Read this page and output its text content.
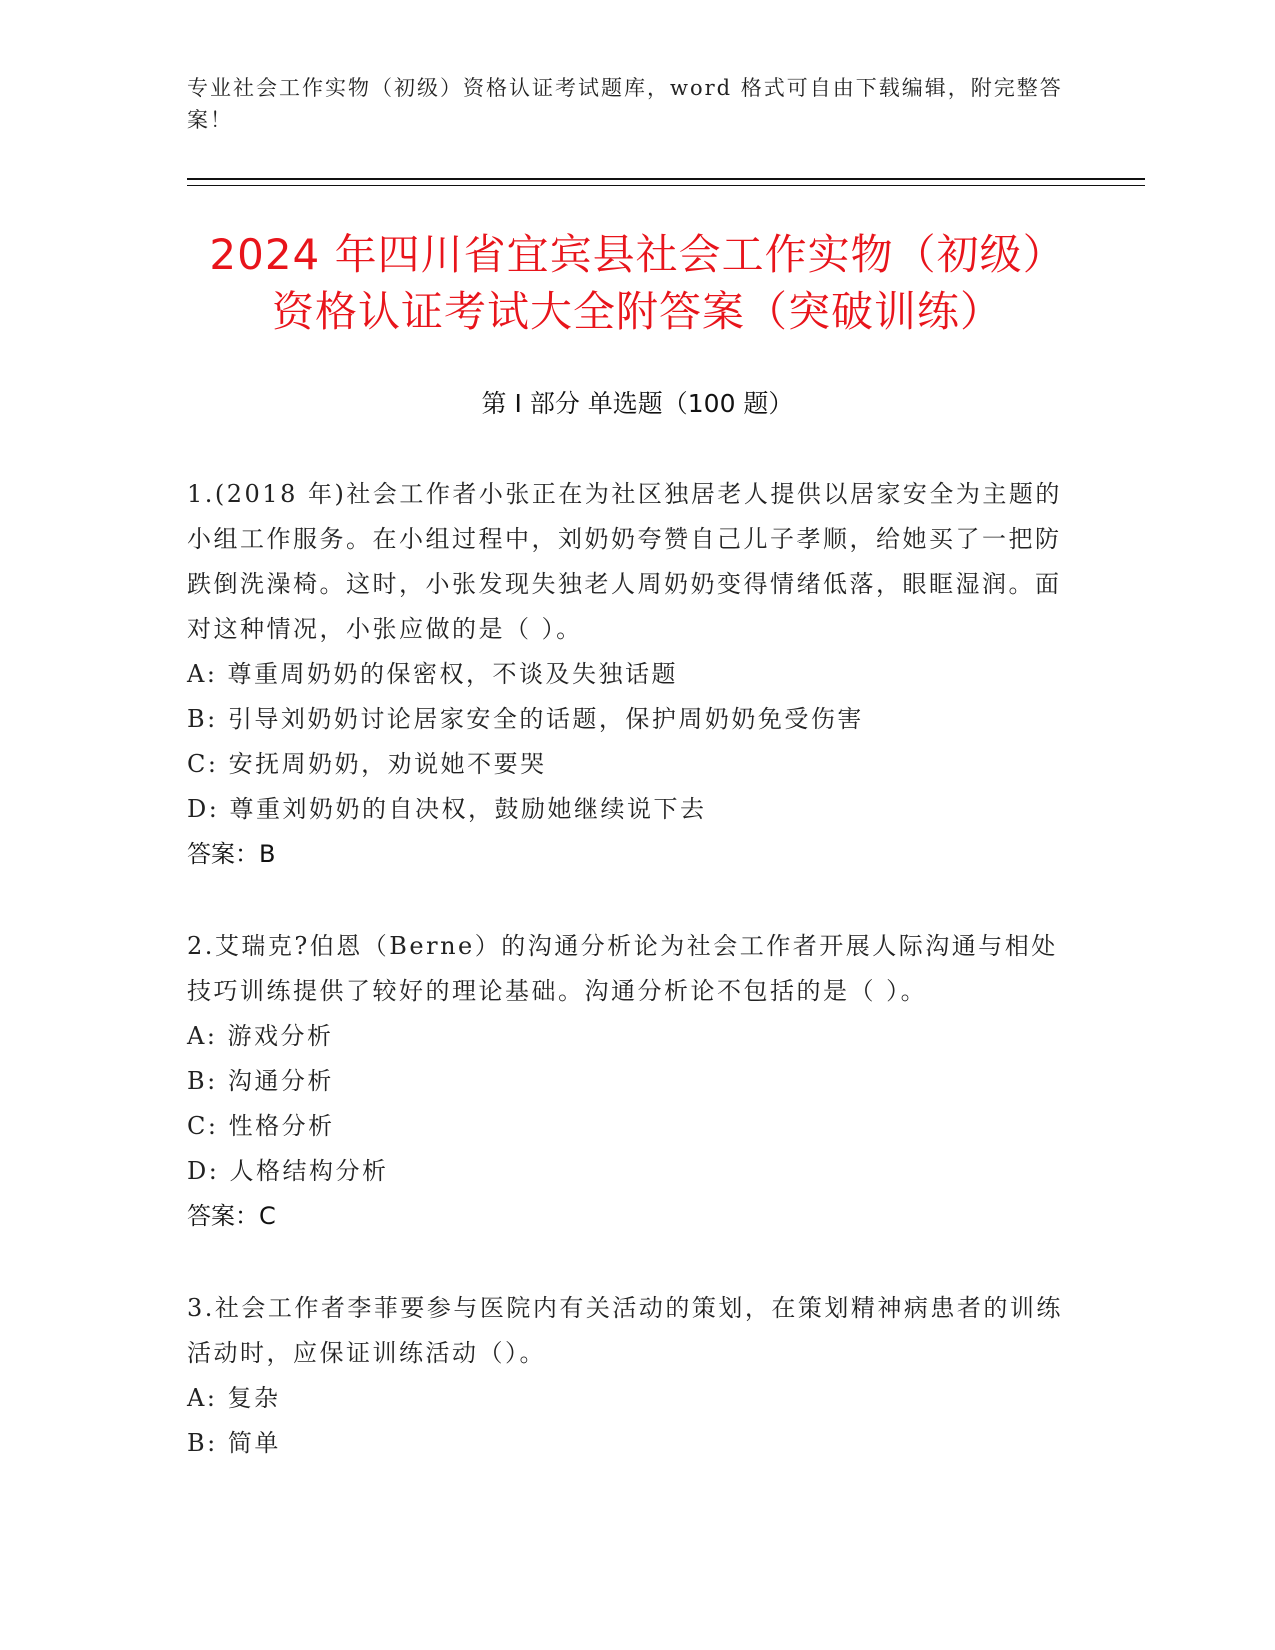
专业社会工作实物（初级）资格认证考试题库，word 格式可自由下载编辑，附完整答案！
2024 年四川省宜宾县社会工作实物（初级）
资格认证考试大全附答案（突破训练）
第 I 部分 单选题（100 题）
1.(2018 年)社会工作者小张正在为社区独居老人提供以居家安全为主题的小组工作服务。在小组过程中，刘奶奶夸赞自己儿子孝顺，给她买了一把防跌倒洗澡椅。这时，小张发现失独老人周奶奶变得情绪低落，眼眶湿润。面对这种情况，小张应做的是（ ）。
A: 尊重周奶奶的保密权，不谈及失独话题
B: 引导刘奶奶讨论居家安全的话题，保护周奶奶免受伤害
C: 安抚周奶奶，劝说她不要哭
D: 尊重刘奶奶的自决权，鼓励她继续说下去
答案：B
2.艾瑞克?伯恩（Berne）的沟通分析论为社会工作者开展人际沟通与相处技巧训练提供了较好的理论基础。沟通分析论不包括的是（ ）。
A: 游戏分析
B: 沟通分析
C: 性格分析
D: 人格结构分析
答案：C
3.社会工作者李菲要参与医院内有关活动的策划，在策划精神病患者的训练活动时，应保证训练活动（）。
A: 复杂
B: 简单
